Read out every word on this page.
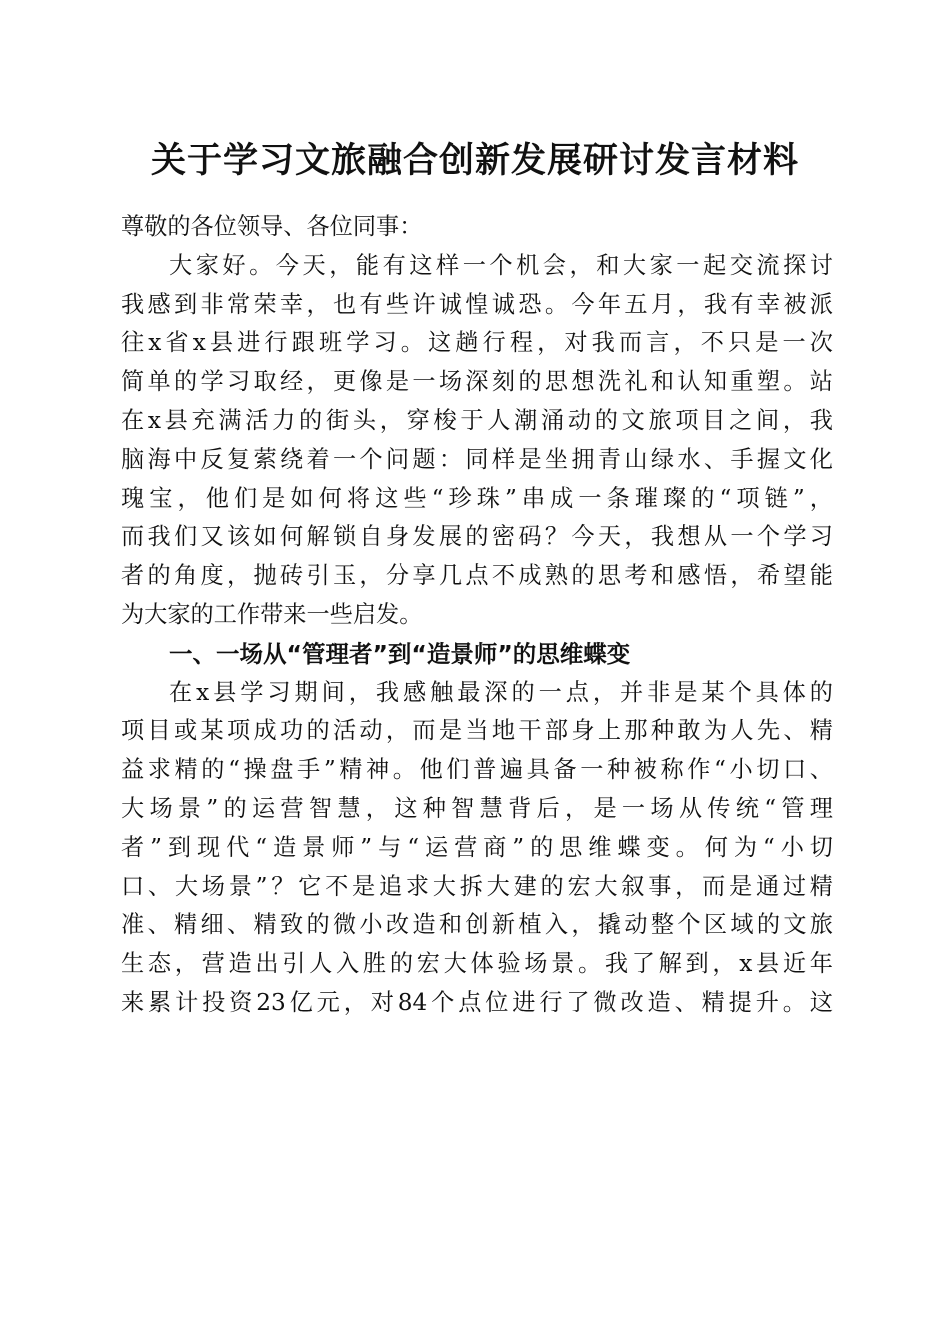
关于学习文旅融合创新发展研讨发言材料

尊敬的各位领导、各位同事：

大家好。今天，能有这样一个机会，和大家一起交流探讨
我感到非常荣幸，也有些许诚惶诚恐。今年五月，我有幸被派
往x省x县进行跟班学习。这趟行程，对我而言，不只是一次
简单的学习取经，更像是一场深刻的思想洗礼和认知重塑。站
在x县充满活力的街头，穿梭于人潮涌动的文旅项目之间，我
脑海中反复萦绕着一个问题：同样是坐拥青山绿水、手握文化
瑰宝，他们是如何将这些“珍珠”串成一条璀璨的“项链”，
而我们又该如何解锁自身发展的密码？今天，我想从一个学习
者的角度，抛砖引玉，分享几点不成熟的思考和感悟，希望能
为大家的工作带来一些启发。

一、一场从“管理者”到“造景师”的思维蝶变

在x县学习期间，我感触最深的一点，并非是某个具体的
项目或某项成功的活动，而是当地干部身上那种敢为人先、精
益求精的“操盘手”精神。他们普遍具备一种被称作“小切口、
大场景”的运营智慧，这种智慧背后，是一场从传统“管理
者”到现代“造景师”与“运营商”的思维蝶变。何为“小切
口、大场景”？它不是追求大拆大建的宏大叙事，而是通过精
准、精细、精致的微小改造和创新植入，撬动整个区域的文旅
生态，营造出引人入胜的宏大体验场景。我了解到，x县近年
来累计投资23亿元，对84个点位进行了微改造、精提升。这
